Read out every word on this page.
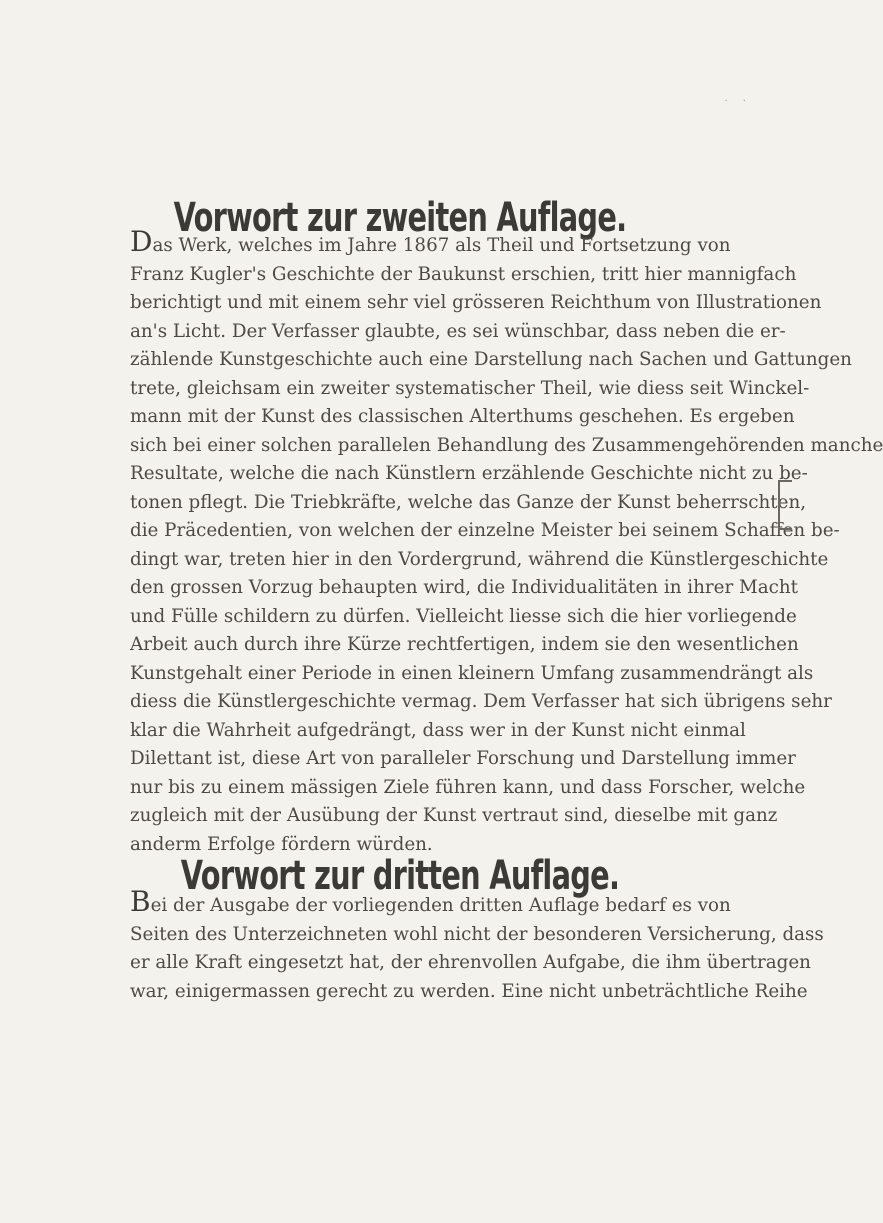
· ·
Vorwort zur zweiten Auflage.
Das Werk, welches im Jahre 1867 als Theil und Fortsetzung von
Franz Kugler's Geschichte der Baukunst erschien, tritt hier mannigfach
berichtigt und mit einem sehr viel grösseren Reichthum von Illustrationen
an's Licht. Der Verfasser glaubte, es sei wünschbar, dass neben die er-
zählende Kunstgeschichte auch eine Darstellung nach Sachen und Gattungen
trete, gleichsam ein zweiter systematischer Theil, wie diess seit Winckel-
mann mit der Kunst des classischen Alterthums geschehen. Es ergeben
sich bei einer solchen parallelen Behandlung des Zusammengehörenden manche
Resultate, welche die nach Künstlern erzählende Geschichte nicht zu be-
tonen pflegt. Die Triebkräfte, welche das Ganze der Kunst beherrschten,
die Präcedentien, von welchen der einzelne Meister bei seinem Schaffen be-
dingt war, treten hier in den Vordergrund, während die Künstlergeschichte
den grossen Vorzug behaupten wird, die Individualitäten in ihrer Macht
und Fülle schildern zu dürfen. Vielleicht liesse sich die hier vorliegende
Arbeit auch durch ihre Kürze rechtfertigen, indem sie den wesentlichen
Kunstgehalt einer Periode in einen kleinern Umfang zusammendrängt als
diess die Künstlergeschichte vermag. Dem Verfasser hat sich übrigens sehr
klar die Wahrheit aufgedrängt, dass wer in der Kunst nicht einmal
Dilettant ist, diese Art von paralleler Forschung und Darstellung immer
nur bis zu einem mässigen Ziele führen kann, und dass Forscher, welche
zugleich mit der Ausübung der Kunst vertraut sind, dieselbe mit ganz
anderm Erfolge fördern würden.
Vorwort zur dritten Auflage.
Bei der Ausgabe der vorliegenden dritten Auflage bedarf es von
Seiten des Unterzeichneten wohl nicht der besonderen Versicherung, dass
er alle Kraft eingesetzt hat, der ehrenvollen Aufgabe, die ihm übertragen
war, einigermassen gerecht zu werden. Eine nicht unbeträchtliche Reihe
